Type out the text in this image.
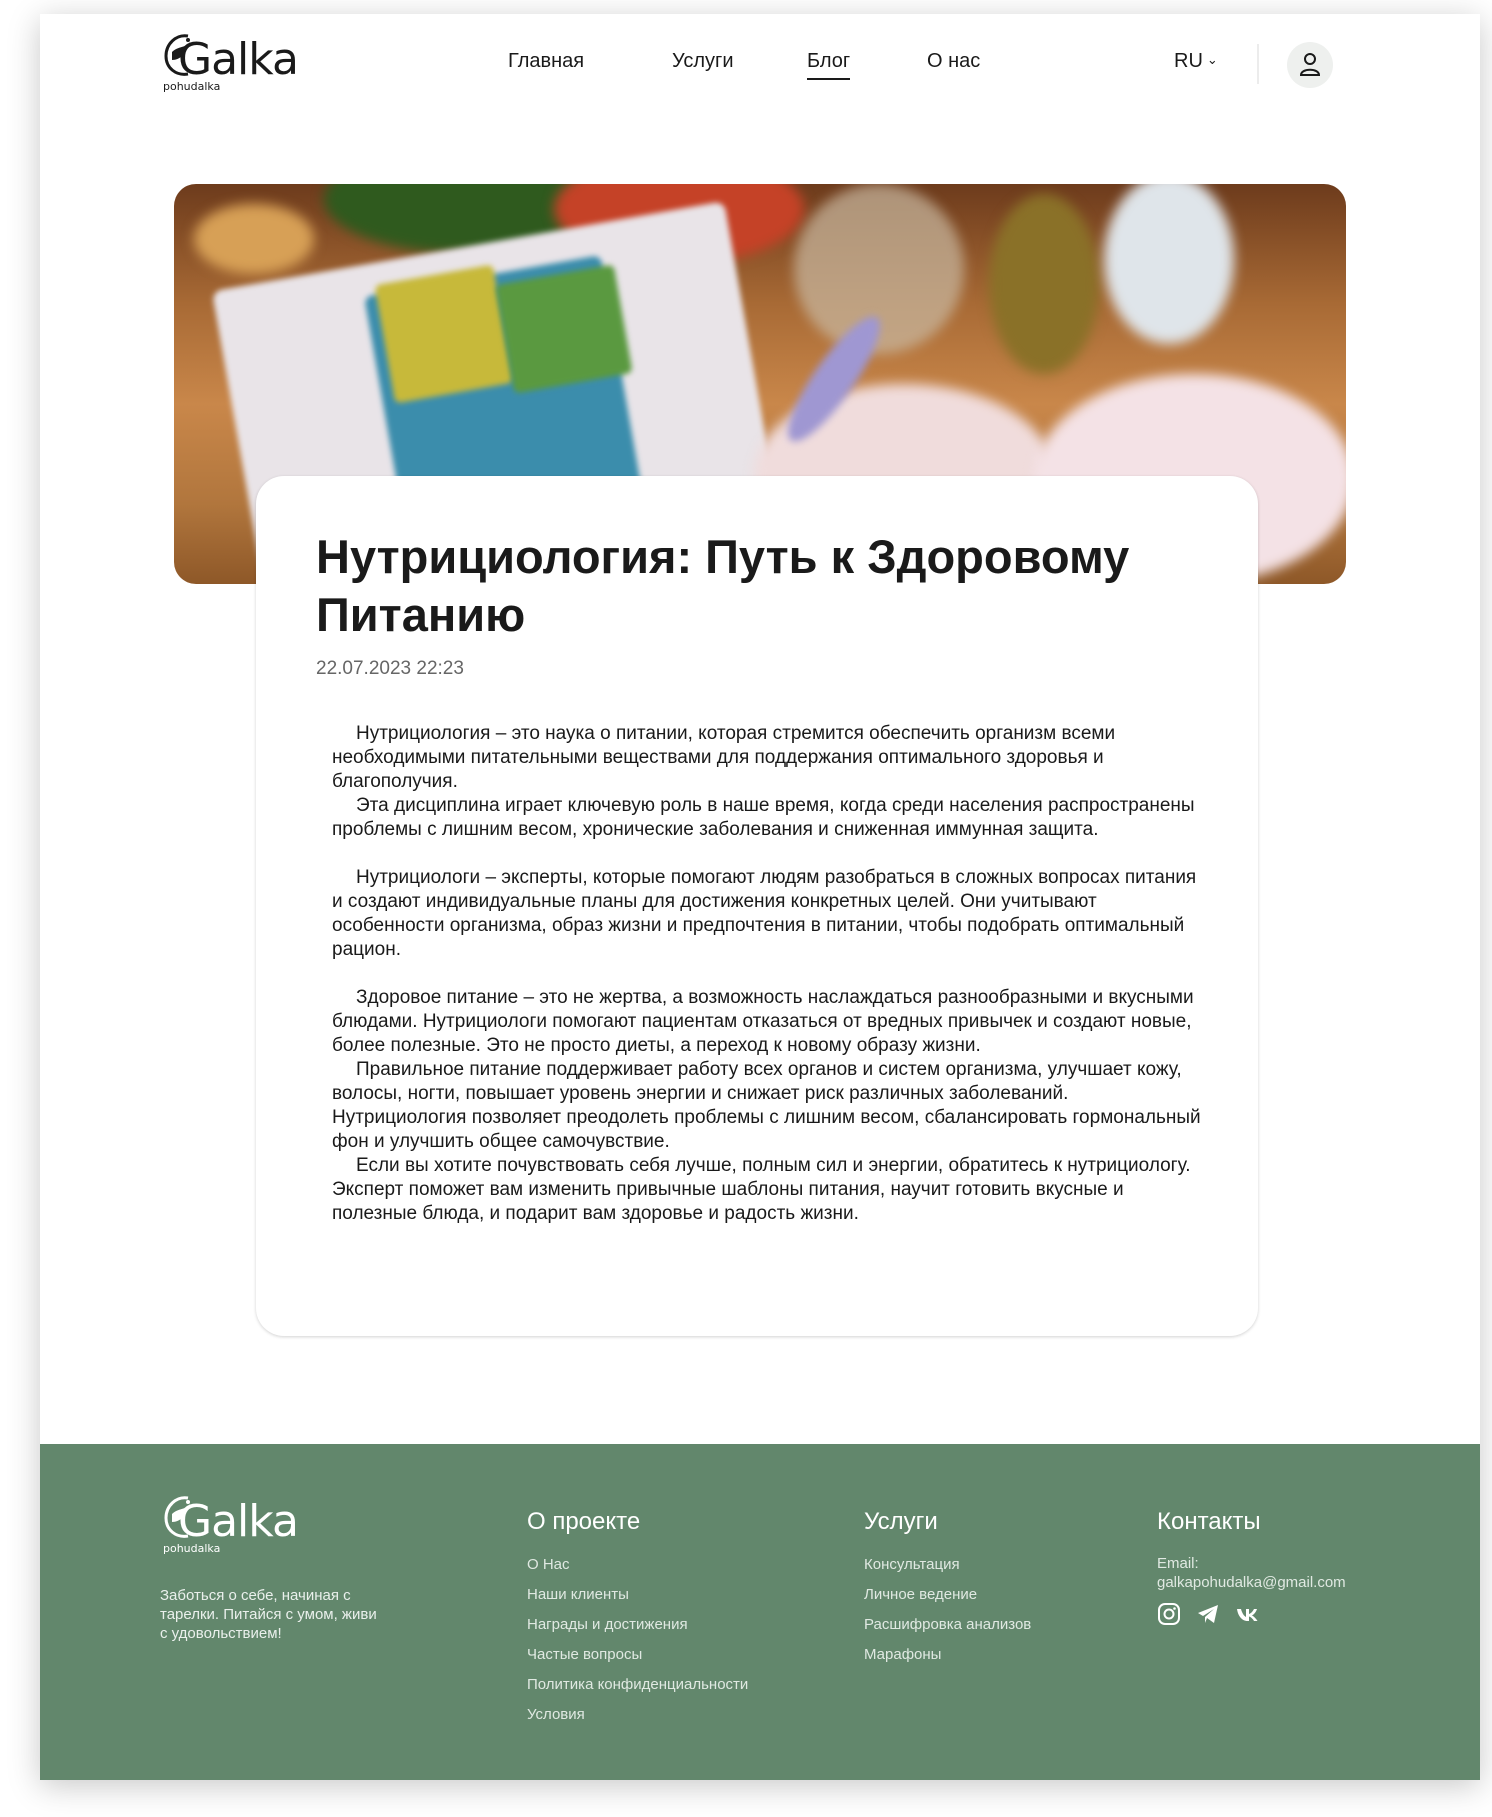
Galka
pohudalka
Главная	Услуги	Блог	О нас	RU ⌄
Нутрициология: Путь к Здоровому Питанию
22.07.2023 22:23

Нутрициология – это наука о питании, которая стремится обеспечить организм всеми необходимыми питательными веществами для поддержания оптимального здоровья и благополучия.

Эта дисциплина играет ключевую роль в наше время, когда среди населения распространены проблемы с лишним весом, хронические заболевания и сниженная иммунная защита.

Нутрициологи – эксперты, которые помогают людям разобраться в сложных вопросах питания и создают индивидуальные планы для достижения конкретных целей. Они учитывают особенности организма, образ жизни и предпочтения в питании, чтобы подобрать оптимальный рацион.

Здоровое питание – это не жертва, а возможность наслаждаться разнообразными и вкусными блюдами. Нутрициологи помогают пациентам отказаться от вредных привычек и создают новые, более полезные. Это не просто диеты, а переход к новому образу жизни.

Правильное питание поддерживает работу всех органов и систем организма, улучшает кожу, волосы, ногти, повышает уровень энергии и снижает риск различных заболеваний. Нутрициология позволяет преодолеть проблемы с лишним весом, сбалансировать гормональный фон и улучшить общее самочувствие.

Если вы хотите почувствовать себя лучше, полным сил и энергии, обратитесь к нутрициологу. Эксперт поможет вам изменить привычные шаблоны питания, научит готовить вкусные и полезные блюда, и подарит вам здоровье и радость жизни.

Galka
pohudalka
Заботься о себе, начиная с тарелки. Питайся с умом, живи с удовольствием!
О проекте
О Нас
Наши клиенты
Награды и достижения
Частые вопросы
Политика конфиденциальности
Условия
Услуги
Консультация
Личное ведение
Расшифровка анализов
Марафоны
Контакты
Email:
galkapohudalka@gmail.com
